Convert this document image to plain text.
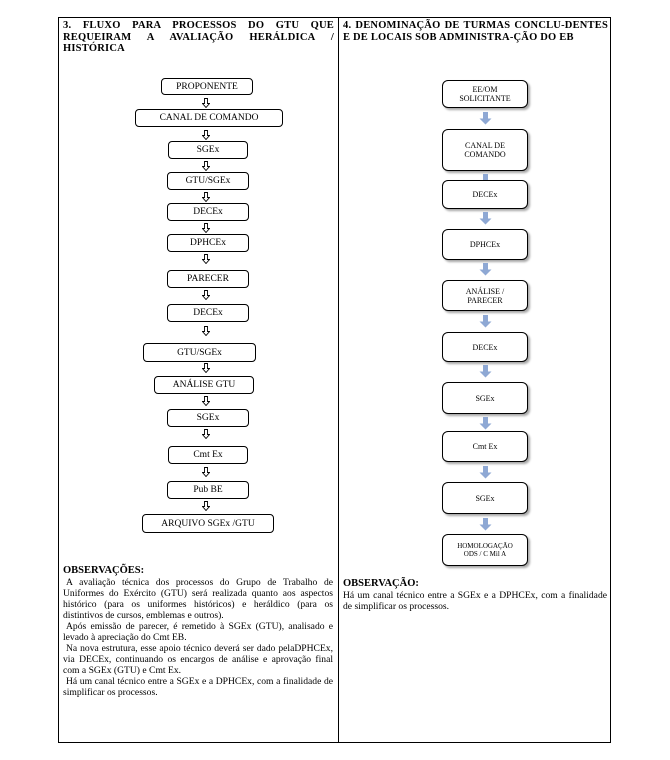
3. FLUXO PARA PROCESSOS DO GTU QUE REQUEIRAM A AVALIAÇÃO HERÁLDICA / HISTÓRICA
PROPONENTE
CANAL DE COMANDO
SGEx
GTU/SGEx
DECEx
DPHCEx
PARECER
DECEx
GTU/SGEx
ANÁLISE GTU
SGEx
Cmt Ex
Pub BE
ARQUIVO SGEx /GTU
OBSERVAÇÕES:

A avaliação técnica dos processos do Grupo de Trabalho de Uniformes do Exército (GTU) será realizada quanto aos aspectos histórico (para os uniformes históricos) e heráldico (para os distintivos de cursos, emblemas e outros).

Após emissão de parecer, é remetido à SGEx (GTU), analisado e levado à apreciação do Cmt EB.

Na nova estrutura, esse apoio técnico deverá ser dado pelaDPHCEx, via DECEx, continuando os encargos de análise e aprovação final com a SGEx (GTU) e Cmt Ex.

Há um canal técnico entre a SGEx e a DPHCEx, com a finalidade de simplificar os processos.

4. DENOMINAÇÃO DE TURMAS CONCLU-DENTES E DE LOCAIS SOB ADMINISTRA-ÇÃO DO EB
EE/OM
SOLICITANTE
CANAL DE
COMANDO
DECEx
DPHCEx
ANÁLISE /
PARECER
DECEx
SGEx
Cmt Ex
SGEx
HOMOLOGAÇÃO
ODS / C Mil A
OBSERVAÇÃO:
Há um canal técnico entre a SGEx e a DPHCEx, com a finalidade de simplificar os processos.
